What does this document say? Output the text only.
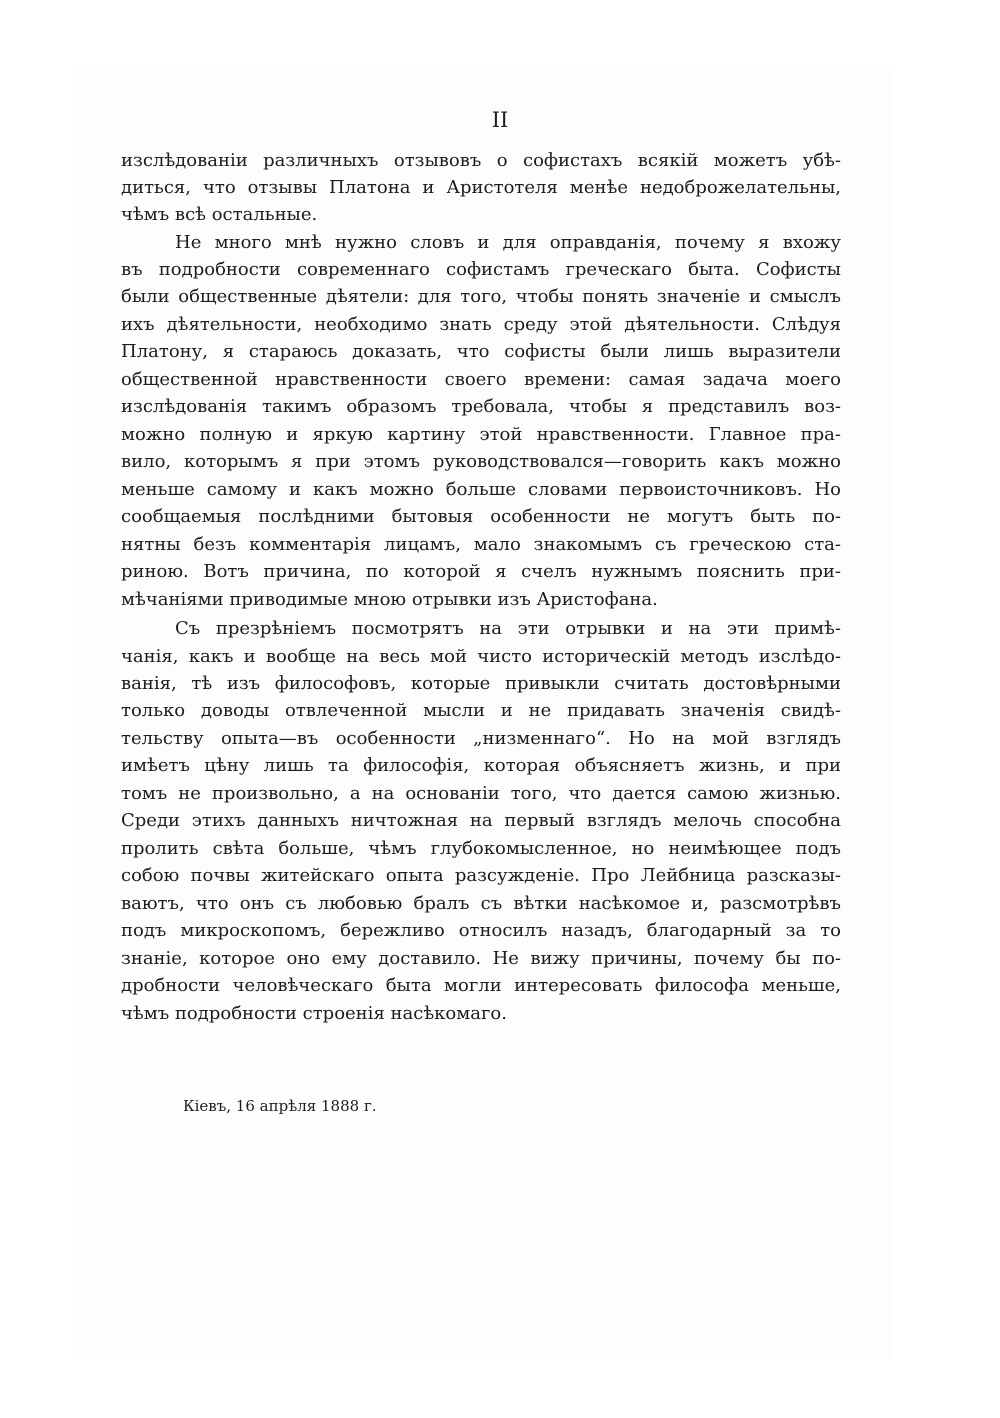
II
изслѣдованіи различныхъ отзывовъ о софистахъ всякій можетъ убѣ-
диться, что отзывы Платона и Аристотеля менѣе недоброжелательны,
чѣмъ всѣ остальные.
Не много мнѣ нужно словъ и для оправданія, почему я вхожу
въ подробности современнаго софистамъ греческаго быта. Софисты
были общественные дѣятели: для того, чтобы понять значеніе и смыслъ
ихъ дѣятельности, необходимо знать среду этой дѣятельности. Слѣдуя
Платону, я стараюсь доказать, что софисты были лишь выразители
общественной нравственности своего времени: самая задача моего
изслѣдованія такимъ образомъ требовала, чтобы я представилъ воз-
можно полную и яркую картину этой нравственности. Главное пра-
вило, которымъ я при этомъ руководствовался—говорить какъ можно
меньше самому и какъ можно больше словами первоисточниковъ. Но
сообщаемыя послѣдними бытовыя особенности не могутъ быть по-
нятны безъ комментарія лицамъ, мало знакомымъ съ греческою ста-
риною. Вотъ причина, по которой я счелъ нужнымъ пояснить при-
мѣчаніями приводимые мною отрывки изъ Аристофана.
Съ презрѣніемъ посмотрятъ на эти отрывки и на эти примѣ-
чанія, какъ и вообще на весь мой чисто историческій методъ изслѣдо-
ванія, тѣ изъ философовъ, которые привыкли считать достовѣрными
только доводы отвлеченной мысли и не придавать значенія свидѣ-
тельству опыта—въ особенности „низменнаго“. Но на мой взглядъ
имѣетъ цѣну лишь та философія, которая объясняетъ жизнь, и при
томъ не произвольно, а на основаніи того, что дается самою жизнью.
Среди этихъ данныхъ ничтожная на первый взглядъ мелочь способна
пролить свѣта больше, чѣмъ глубокомысленное, но неимѣющее подъ
собою почвы житейскаго опыта разсужденіе. Про Лейбница разсказы-
ваютъ, что онъ съ любовью бралъ съ вѣтки насѣкомое и, разсмотрѣвъ
подъ микроскопомъ, бережливо относилъ назадъ, благодарный за то
знаніе, которое оно ему доставило. Не вижу причины, почему бы по-
дробности человѣческаго быта могли интересовать философа меньше,
чѣмъ подробности строенія насѣкомаго.
Кіевъ, 16 апрѣля 1888 г.
